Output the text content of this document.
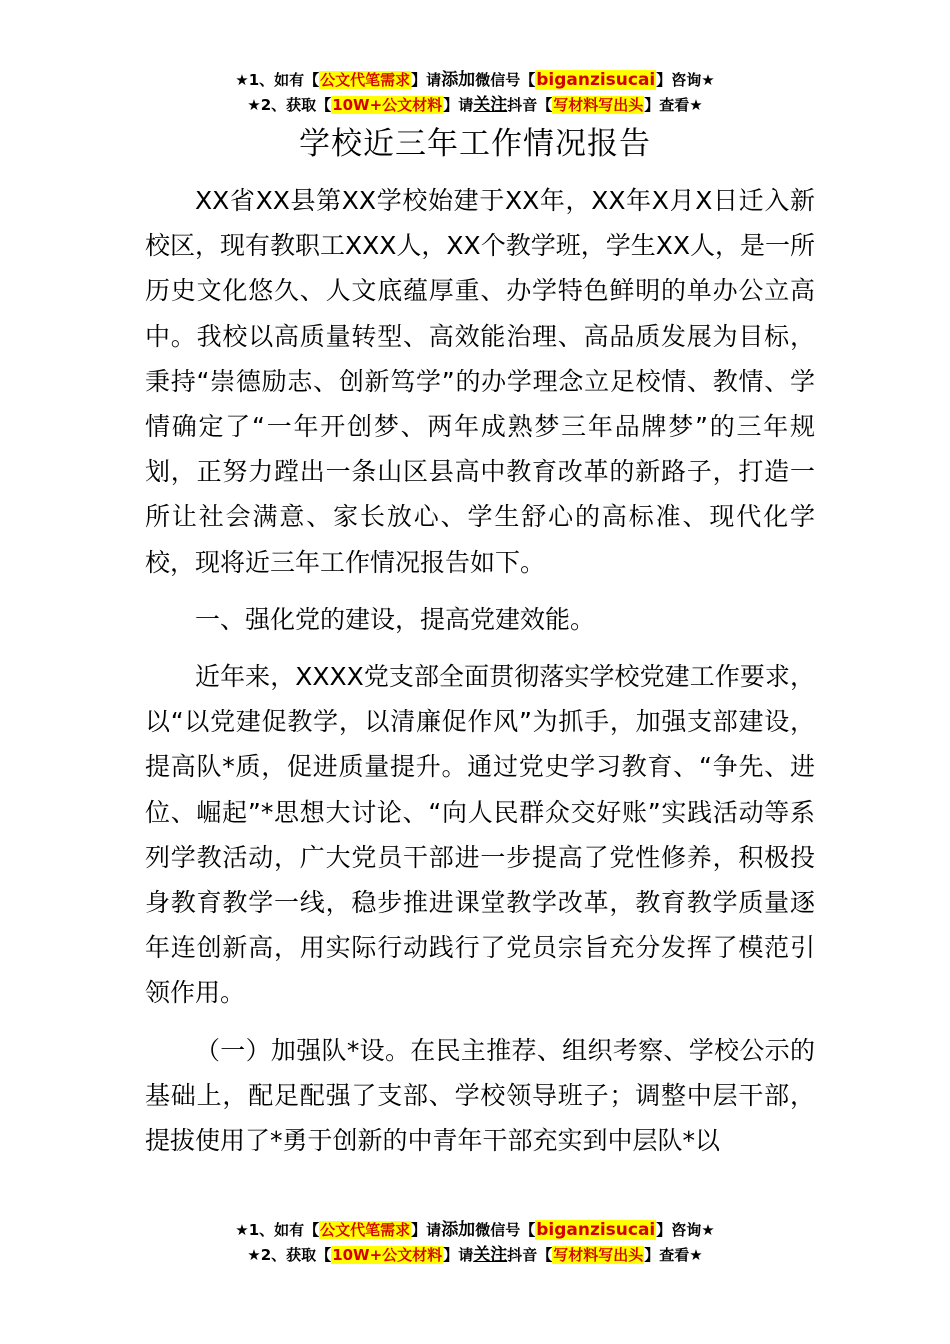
★1、如有【公文代笔需求】请添加微信号【biganzisucai】咨询★
★2、获取【10W+公文材料】请关注抖音【写材料写出头】查看★
学校近三年工作情况报告

XX省XX县第XX学校始建于XX年，XX年X月X日迁入新校区，现有教职工XXX人，XX个教学班，学生XX人，是一所历史文化悠久、人文底蕴厚重、办学特色鲜明的单办公立高中。我校以高质量转型、高效能治理、高品质发展为目标，秉持“崇德励志、创新笃学”的办学理念立足校情、教情、学情确定了“一年开创梦、两年成熟梦三年品牌梦”的三年规划，正努力蹚出一条山区县高中教育改革的新路子，打造一所让社会满意、家长放心、学生舒心的高标准、现代化学校，现将近三年工作情况报告如下。

一、强化党的建设，提高党建效能。

近年来，XXXX党支部全面贯彻落实学校党建工作要求，以“以党建促教学，以清廉促作风”为抓手，加强支部建设，提高队*质，促进质量提升。通过党史学习教育、“争先、进位、崛起”*思想大讨论、“向人民群众交好账”实践活动等系列学教活动，广大党员干部进一步提高了党性修养，积极投身教育教学一线，稳步推进课堂教学改革，教育教学质量逐年连创新高，用实际行动践行了党员宗旨充分发挥了模范引领作用。

（一）加强队*设。在民主推荐、组织考察、学校公示的基础上，配足配强了支部、学校领导班子；调整中层干部，提拔使用了*勇于创新的中青年干部充实到中层队*以

★1、如有【公文代笔需求】请添加微信号【biganzisucai】咨询★
★2、获取【10W+公文材料】请关注抖音【写材料写出头】查看★
